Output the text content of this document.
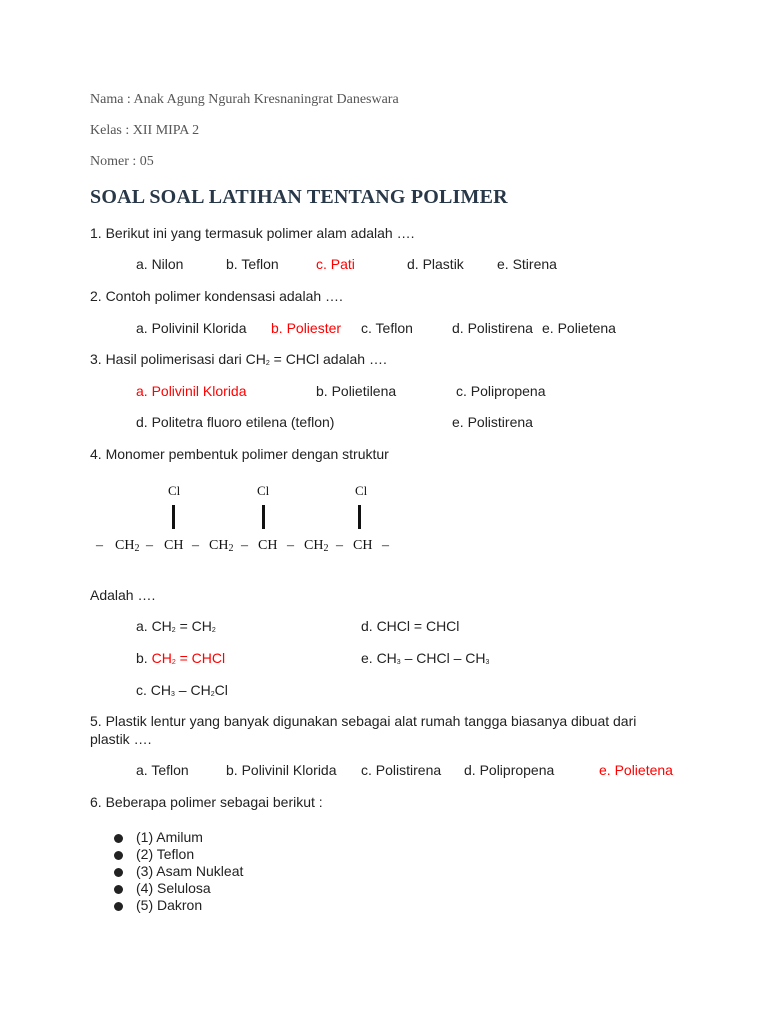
Nama : Anak Agung Ngurah Kresnaningrat Daneswara
Kelas : XII MIPA 2
Nomer : 05
SOAL SOAL LATIHAN TENTANG POLIMER
1. Berikut ini yang termasuk polimer alam adalah ….
a. Nilon	b. Teflon	c. Pati	d. Plastik e. Stirena
2. Contoh polimer kondensasi adalah ….
a. Polivinil Klorida b. Poliester c. Teflon	d. Polistirena e. Polietena
3. Hasil polimerisasi dari CH2 = CHCl adalah ….
a. Polivinil Klorida	b. Polietilena	c. Polipropena
d. Politetra fluoro etilena (teflon)	e. Polistirena
4. Monomer pembentuk polimer dengan struktur
Cl	Cl	Cl
– CH2 – CH – CH2 – CH – CH2 – CH –
Adalah ….
a. CH2 = CH2	d. CHCl = CHCl
b. CH2 = CHCl	e. CH3 – CHCl – CH3
c. CH3 – CH2Cl
5. Plastik lentur yang banyak digunakan sebagai alat rumah tangga biasanya dibuat dari
plastik ….
a. Teflon	b. Polivinil Klorida c. Polistirena d. Polipropena	e. Polietena
6. Beberapa polimer sebagai berikut :
(1) Amilum
(2) Teflon
(3) Asam Nukleat
(4) Selulosa
(5) Dakron
